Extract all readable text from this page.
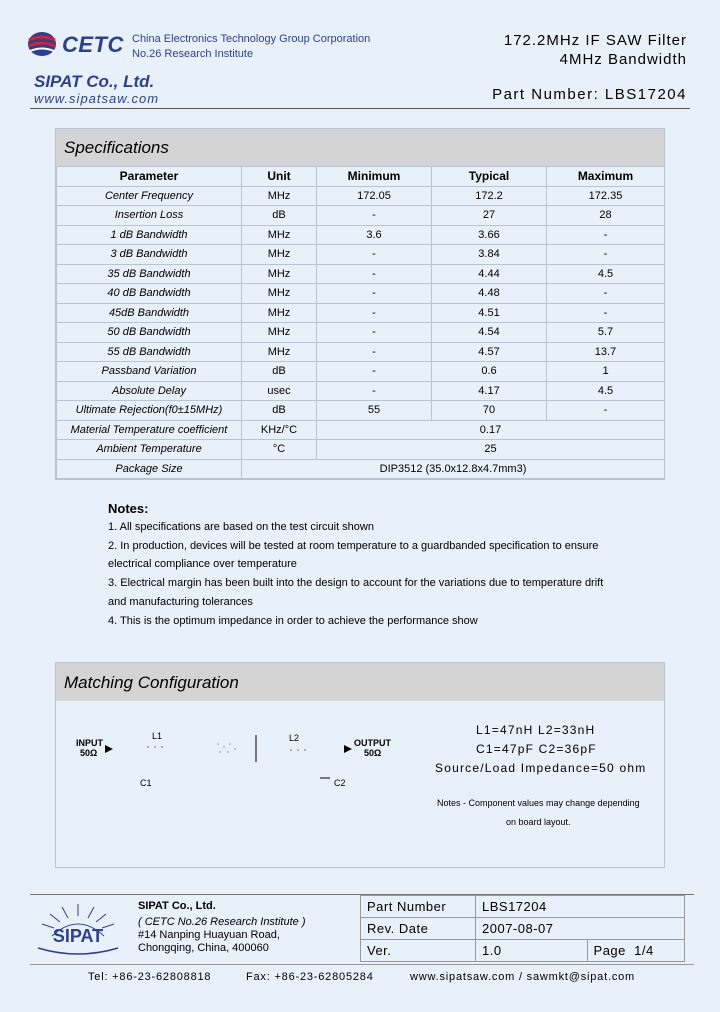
CETC China Electronics Technology Group Corporation
No.26 Research Institute
SIPAT Co., Ltd.
www.sipatsaw.com
172.2MHz IF SAW Filter
4MHz Bandwidth
Part Number: LBS17204
Specifications
Parameter	Unit	Minimum	Typical	Maximum
Center Frequency	MHz	172.05	172.2	172.35
Insertion Loss	dB	-	27	28
1 dB Bandwidth	MHz	3.6	3.66	-
3 dB Bandwidth	MHz	-	3.84	-
35 dB Bandwidth	MHz	-	4.44	4.5
40 dB Bandwidth	MHz	-	4.48	-
45dB Bandwidth	MHz	-	4.51	-
50 dB Bandwidth	MHz	-	4.54	5.7
55 dB Bandwidth	MHz	-	4.57	13.7
Passband Variation	dB	-	0.6	1
Absolute Delay	usec	-	4.17	4.5
Ultimate Rejection(f0±15MHz)	dB	55	70	-
Material Temperature coefficient	KHz/°C	0.17		
Ambient Temperature	°C	25		
Package Size	DIP3512 (35.0x12.8x4.7mm3)			
Notes:
1. All specifications are based on the test circuit shown
2. In production, devices will be tested at room temperature to a guardbanded specification to ensure
electrical compliance over temperature
3. Electrical margin has been built into the design to account for the variations due to temperature drift
and manufacturing tolerances
4. This is the optimum impedance in order to achieve the performance show
Matching Configuration
INPUT
50Ω
L1	L2	OUTPUT
50Ω
C1	C2
L1=47nH L2=33nH
C1=47pF C2=36pF
Source/Load Impedance=50 ohm
Notes - Component values may change depending
on board layout.
SIPAT
SIPAT Co., Ltd.
( CETC No.26 Research Institute )
#14 Nanping Huayuan Road,
Chongqing, China, 400060
Part Number	LBS17204	
Rev. Date	2007-08-07	
Ver.	1.0	Page 1/4
Tel: +86-23-62808818	Fax: +86-23-62805284	www.sipatsaw.com / sawmkt@sipat.com
